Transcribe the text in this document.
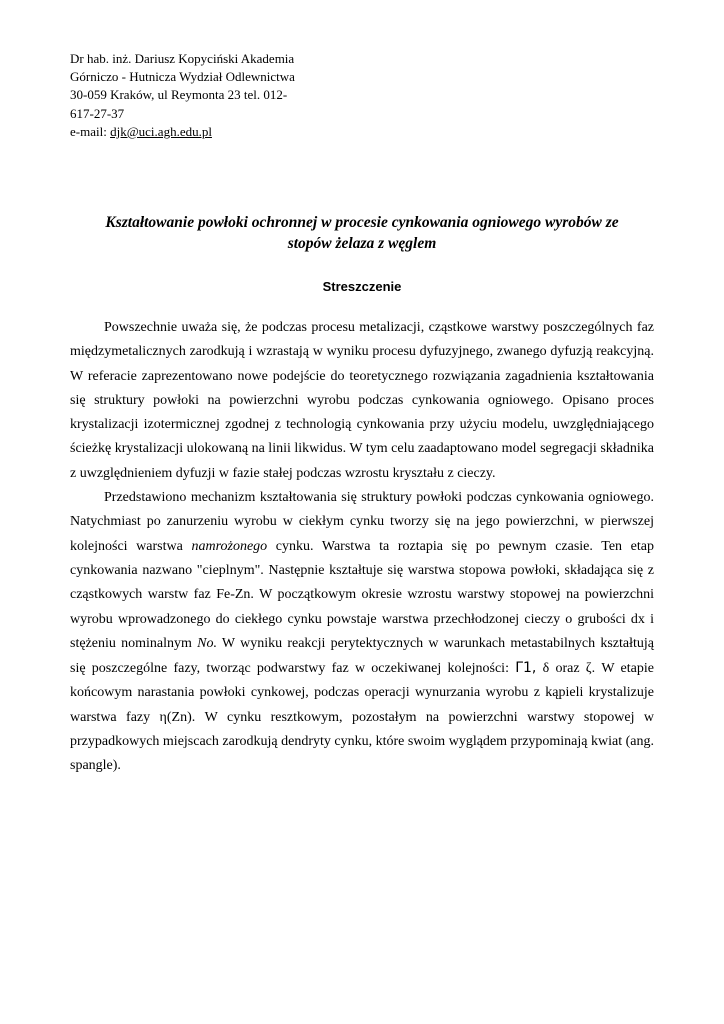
Dr hab. inż. Dariusz Kopyciński Akademia
Górniczo - Hutnicza Wydział Odlewnictwa
30-059 Kraków, ul Reymonta 23 tel. 012-
617-27-37
e-mail: djk@uci.agh.edu.pl
Kształtowanie powłoki ochronnej w procesie cynkowania ogniowego wyrobów ze
stopów żelaza z węglem
Streszczenie

Powszechnie uważa się, że podczas procesu metalizacji, cząstkowe warstwy poszczególnych faz międzymetalicznych zarodkują i wzrastają w wyniku procesu dyfuzyjnego, zwanego dyfuzją reakcyjną. W referacie zaprezentowano nowe podejście do teoretycznego rozwiązania zagadnienia kształtowania się struktury powłoki na powierzchni wyrobu podczas cynkowania ogniowego. Opisano proces krystalizacji izotermicznej zgodnej z technologią cynkowania przy użyciu modelu, uwzględniającego ścieżkę krystalizacji ulokowaną na linii likwidus. W tym celu zaadaptowano model segregacji składnika z uwzględnieniem dyfuzji w fazie stałej podczas wzrostu kryształu z cieczy.

Przedstawiono mechanizm kształtowania się struktury powłoki podczas cynkowania ogniowego. Natychmiast po zanurzeniu wyrobu w ciekłym cynku tworzy się na jego powierzchni, w pierwszej kolejności warstwa namrożonego cynku. Warstwa ta roztapia się po pewnym czasie. Ten etap cynkowania nazwano "cieplnym". Następnie kształtuje się warstwa stopowa powłoki, składająca się z cząstkowych warstw faz Fe-Zn. W początkowym okresie wzrostu warstwy stopowej na powierzchni wyrobu wprowadzonego do ciekłego cynku powstaje warstwa przechłodzonej cieczy o grubości dx i stężeniu nominalnym No. W wyniku reakcji perytektycznych w warunkach metastabilnych kształtują się poszczególne fazy, tworząc podwarstwy faz w oczekiwanej kolejności: Γ1, δ oraz ζ. W etapie końcowym narastania powłoki cynkowej, podczas operacji wynurzania wyrobu z kąpieli krystalizuje warstwa fazy η(Zn). W cynku resztkowym, pozostałym na powierzchni warstwy stopowej w przypadkowych miejscach zarodkują dendryty cynku, które swoim wyglądem przypominają kwiat (ang. spangle).
